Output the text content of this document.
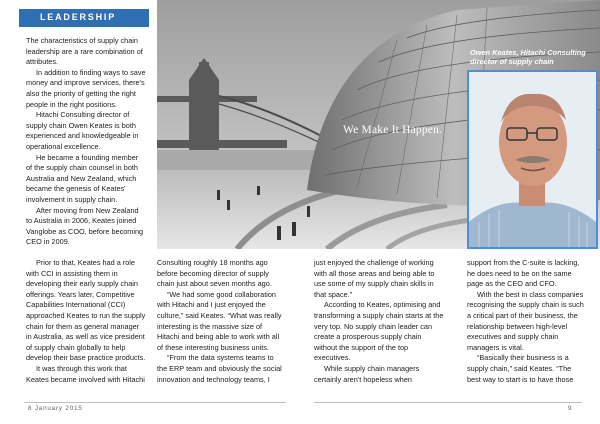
LEADERSHIP

The characteristics of supply chain leadership are a rare combination of attributes.

In addition to finding ways to save money and improve services, there's also the priority of getting the right people in the right positions.

Hitachi Consulting director of supply chain Owen Keates is both experienced and knowledgeable in operational excellence.

He became a founding member of the supply chain counsel in both Australia and New Zealand, which became the genesis of Keates' involvement in supply chain.

After moving from New Zealand to Australia in 2006, Keates joined Vanglobe as COO, before becoming CEO in 2009.

Prior to that, Keates had a role with CCI in assisting them in developing their early supply chain offerings. Years later, Competitive Capabilities International (CCI) approached Keates to run the supply chain for them as general manager in Australia, as well as vice president of supply chain globally to help develop their base practice products.

It was through this work that Keates became involved with Hitachi

We Make It Happen.
Owen Keates, Hitachi Consulting director of supply chain

Consulting roughly 18 months ago before becoming director of supply chain just about seven months ago.

“We had some good collaboration with Hitachi and I just enjoyed the culture,” said Keates. “What was really interesting is the massive size of Hitachi and being able to work with all of these interesting business units.

“From the data systems teams to the ERP team and obviously the social innovation and technology teams, I

just enjoyed the challenge of working with all those areas and being able to use some of my supply chain skills in that space.”

According to Keates, optimising and transforming a supply chain starts at the very top. No supply chain leader can create a prosperous supply chain without the support of the top executives.

While supply chain managers certainly aren't hopeless when

support from the C-suite is lacking, he does need to be on the same page as the CEO and CFO.

With the best in class companies recognising the supply chain is such a critical part of their business, the relationship between high-level executives and supply chain managers is vital.

“Basically their business is a supply chain,” said Keates. “The best way to start is to have those

8 January 2015	9
